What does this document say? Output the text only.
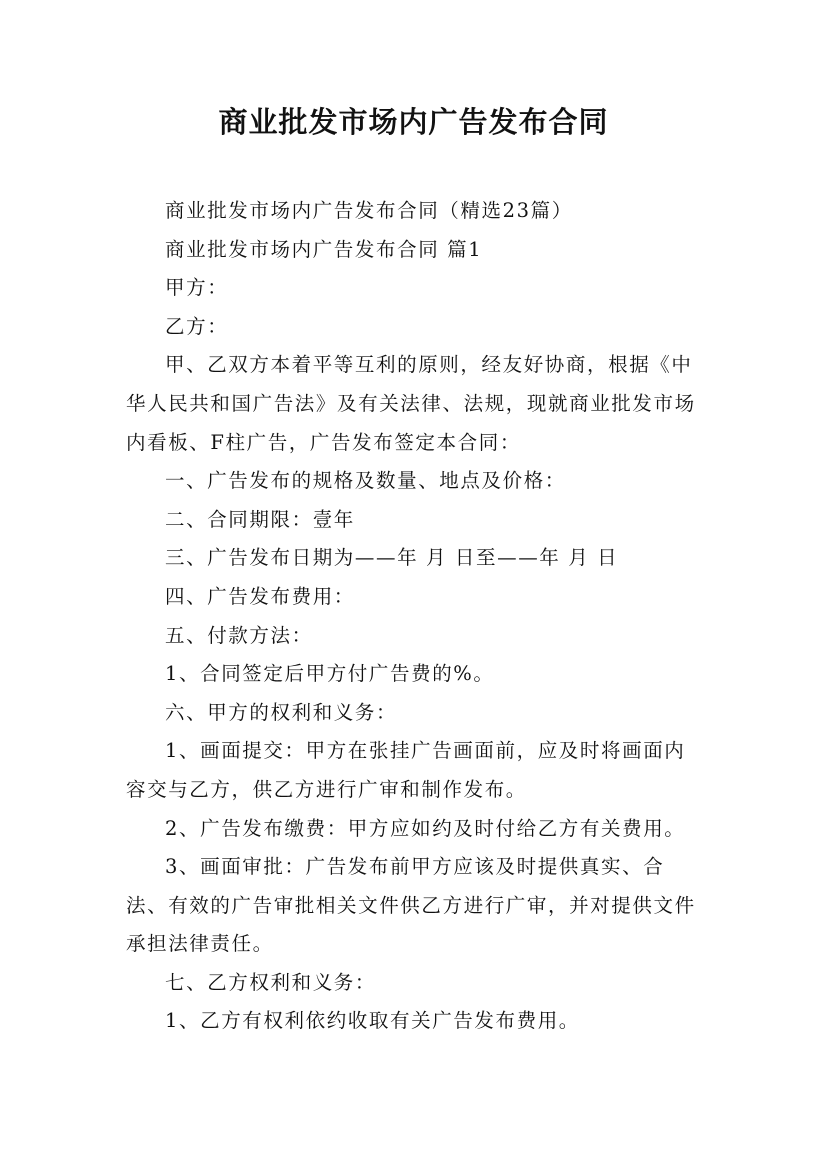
商业批发市场内广告发布合同

商业批发市场内广告发布合同（精选23篇）

商业批发市场内广告发布合同 篇1

甲方：

乙方：

甲、乙双方本着平等互利的原则，经友好协商，根据《中华人民共和国广告法》及有关法律、法规，现就商业批发市场内看板、F柱广告，广告发布签定本合同：

一、广告发布的规格及数量、地点及价格：

二、合同期限：壹年

三、广告发布日期为——年 月 日至——年 月 日

四、广告发布费用：

五、付款方法：

1、合同签定后甲方付广告费的%。

六、甲方的权利和义务：

1、画面提交：甲方在张挂广告画面前，应及时将画面内容交与乙方，供乙方进行广审和制作发布。

2、广告发布缴费：甲方应如约及时付给乙方有关费用。

3、画面审批：广告发布前甲方应该及时提供真实、合法、有效的广告审批相关文件供乙方进行广审，并对提供文件承担法律责任。

七、乙方权利和义务：

1、乙方有权利依约收取有关广告发布费用。
